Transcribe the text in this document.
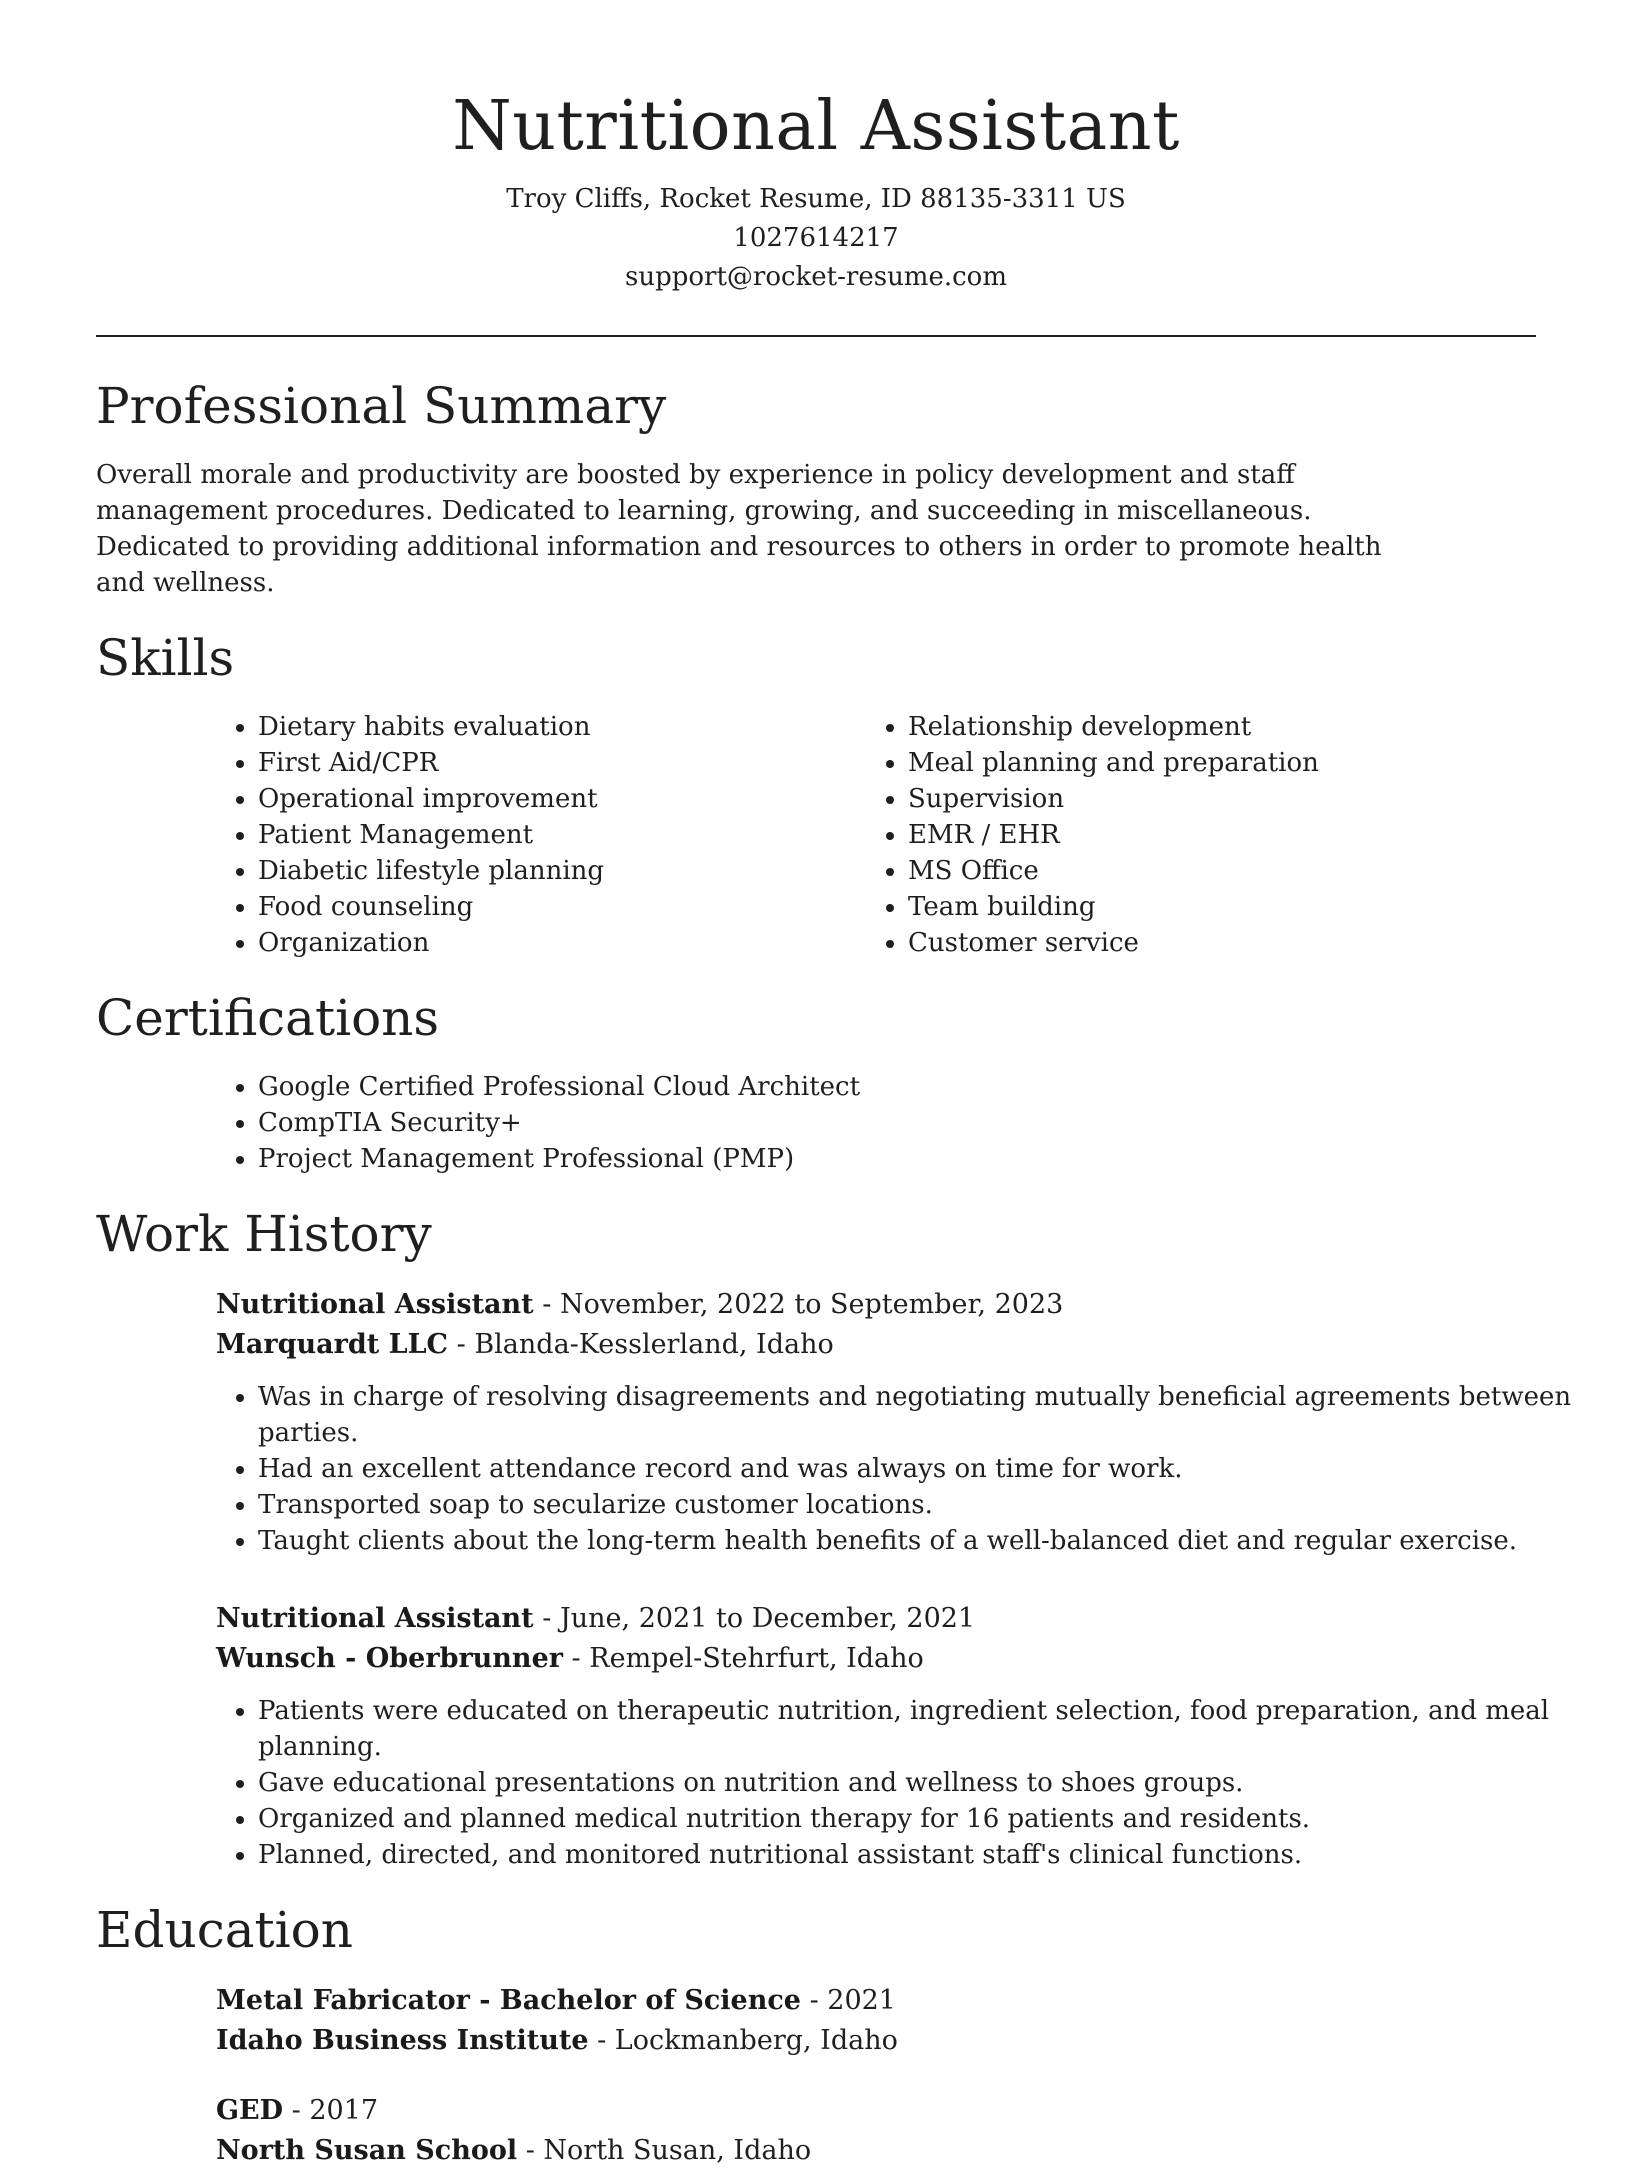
Nutritional Assistant
Troy Cliffs, Rocket Resume, ID 88135-3311 US
1027614217
support@rocket-resume.com
Professional Summary

Overall morale and productivity are boosted by experience in policy development and staff management procedures. Dedicated to learning, growing, and succeeding in miscellaneous. Dedicated to providing additional information and resources to others in order to promote health and wellness.

Skills
• Dietary habits evaluation
• First Aid/CPR
• Operational improvement
• Patient Management
• Diabetic lifestyle planning
• Food counseling
• Organization
• Relationship development
• Meal planning and preparation
• Supervision
• EMR / EHR
• MS Office
• Team building
• Customer service
Certifications
• Google Certified Professional Cloud Architect
• CompTIA Security+
• Project Management Professional (PMP)
Work History
Nutritional Assistant - November, 2022 to September, 2023
Marquardt LLC - Blanda-Kesslerland, Idaho
• Was in charge of resolving disagreements and negotiating mutually beneficial agreements between parties.
• Had an excellent attendance record and was always on time for work.
• Transported soap to secularize customer locations.
• Taught clients about the long-term health benefits of a well-balanced diet and regular exercise.
Nutritional Assistant - June, 2021 to December, 2021
Wunsch - Oberbrunner - Rempel-Stehrfurt, Idaho
• Patients were educated on therapeutic nutrition, ingredient selection, food preparation, and meal planning.
• Gave educational presentations on nutrition and wellness to shoes groups.
• Organized and planned medical nutrition therapy for 16 patients and residents.
• Planned, directed, and monitored nutritional assistant staff's clinical functions.
Education
Metal Fabricator - Bachelor of Science - 2021
Idaho Business Institute - Lockmanberg, Idaho
GED - 2017
North Susan School - North Susan, Idaho
